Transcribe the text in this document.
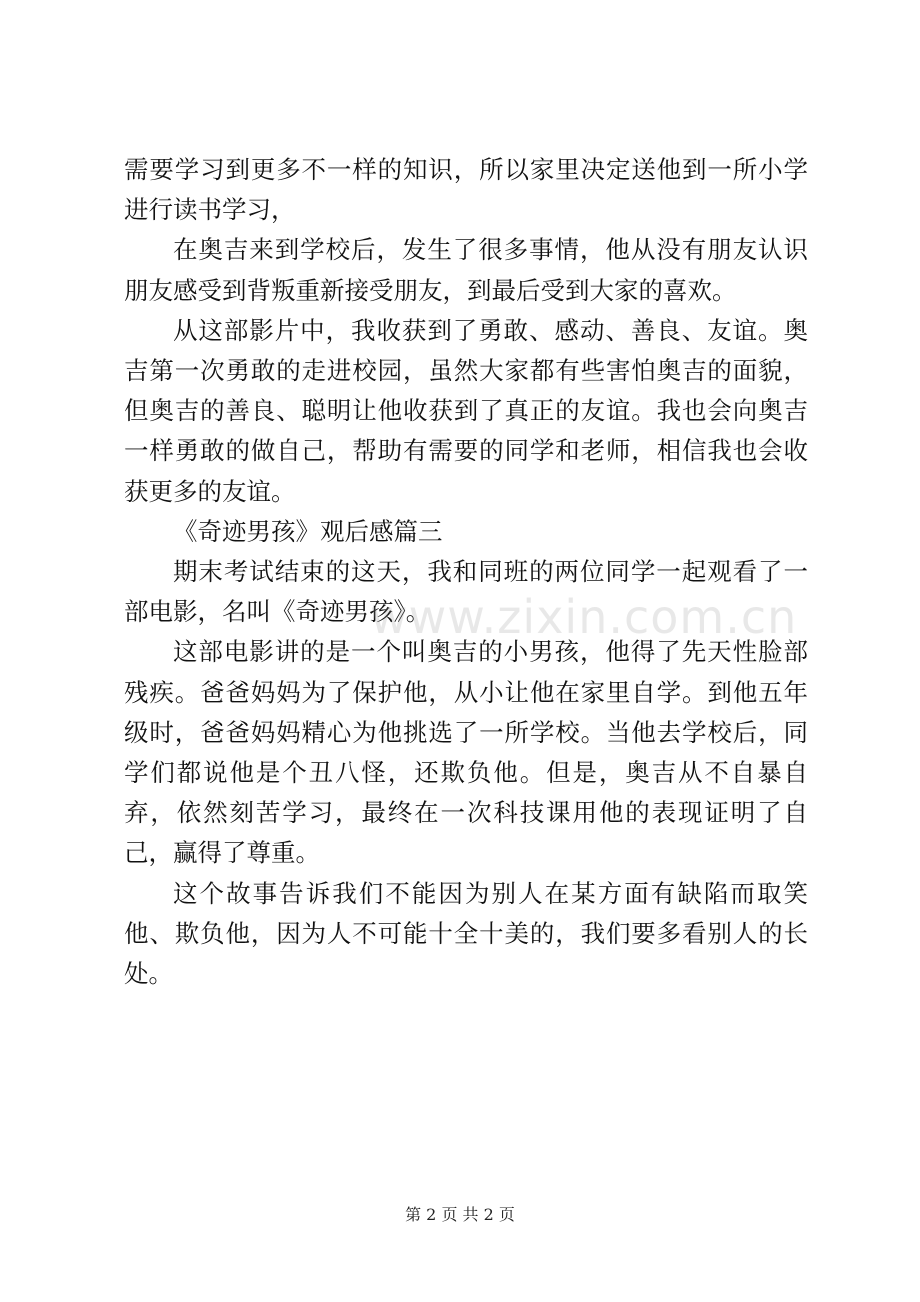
需要学习到更多不一样的知识，所以家里决定送他到一所小学进行读书学习，

在奥吉来到学校后，发生了很多事情，他从没有朋友认识朋友感受到背叛重新接受朋友，到最后受到大家的喜欢。

从这部影片中，我收获到了勇敢、感动、善良、友谊。奥吉第一次勇敢的走进校园，虽然大家都有些害怕奥吉的面貌，但奥吉的善良、聪明让他收获到了真正的友谊。我也会向奥吉一样勇敢的做自己，帮助有需要的同学和老师，相信我也会收获更多的友谊。

《奇迹男孩》观后感篇三

期末考试结束的这天，我和同班的两位同学一起观看了一部电影，名叫《奇迹男孩》。

这部电影讲的是一个叫奥吉的小男孩，他得了先天性脸部残疾。爸爸妈妈为了保护他，从小让他在家里自学。到他五年级时，爸爸妈妈精心为他挑选了一所学校。当他去学校后，同学们都说他是个丑八怪，还欺负他。但是，奥吉从不自暴自弃，依然刻苦学习，最终在一次科技课用他的表现证明了自己，赢得了尊重。

这个故事告诉我们不能因为别人在某方面有缺陷而取笑他、欺负他，因为人不可能十全十美的，我们要多看别人的长处。

www.zixin.com.cn
第 2 页 共 2 页
